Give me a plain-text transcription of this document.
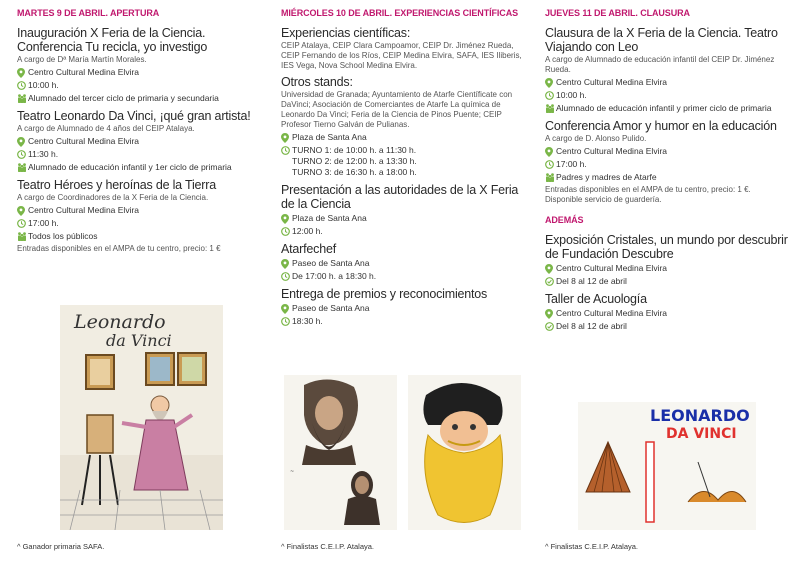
MARTES 9 DE ABRIL. APERTURA
Inauguración X Feria de la Ciencia. Conferencia Tu recicla, yo investigo
A cargo de Dª María Martín Morales.
Centro Cultural Medina Elvira
10:00 h.
Alumnado del tercer ciclo de primaria y secundaria
Teatro Leonardo Da Vinci, ¡qué gran artista!
A cargo de Alumnado de 4 años del CEIP Atalaya.
Centro Cultural Medina Elvira
11:30 h.
Alumnado de educación infantil y 1er ciclo de primaria
Teatro Héroes y heroínas de la Tierra
A cargo de Coordinadores de la X Feria de la Ciencia.
Centro Cultural Medina Elvira
17:00 h.
Todos los públicos
Entradas disponibles en el AMPA de tu centro, precio: 1 €
Leonardo
da Vinci
^ Ganador primaria SAFA.
MIÉRCOLES 10 DE ABRIL. EXPERIENCIAS CIENTÍFICAS
Experiencias científicas:
CEIP Atalaya, CEIP Clara Campoamor, CEIP Dr. Jiménez Rueda, CEIP Fernando de los Ríos, CEIP Medina Elvira, SAFA, IES Iliberis, IES Vega, Nova School Medina Elvira.
Otros stands:
Universidad de Granada; Ayuntamiento de Atarfe Científicate con DaVinci; Asociación de Comerciantes de Atarfe La química de Leonardo Da Vinci; Feria de la Ciencia de Pinos Puente; CEIP Profesor Tierno Galván de Pulianas.
Plaza de Santa Ana
TURNO 1: de 10:00 h. a 11:30 h.
TURNO 2: de 12:00 h. a 13:30 h.
TURNO 3: de 16:30 h. a 18:00 h.
Presentación a las autoridades de la X Feria de la Ciencia
Plaza de Santa Ana
12:00 h.
Atarfechef
Paseo de Santa Ana
De 17:00 h. a 18:30 h.
Entrega de premios y reconocimientos
Paseo de Santa Ana
18:30 h.
~
^ Finalistas C.E.I.P. Atalaya.
JUEVES 11 DE ABRIL. CLAUSURA
Clausura de la X Feria de la Ciencia. Teatro Viajando con Leo
A cargo de Alumnado de educación infantil del CEIP Dr. Jiménez Rueda.
Centro Cultural Medina Elvira
10:00 h.
Alumnado de educación infantil y primer ciclo de primaria
Conferencia Amor y humor en la educación
A cargo de D. Alonso Pulido.
Centro Cultural Medina Elvira
17:00 h.
Padres y madres de Atarfe
Entradas disponibles en el AMPA de tu centro, precio: 1 €. Disponible servicio de guardería.
ADEMÁS
Exposición Cristales, un mundo por descubrir de Fundación Descubre
Centro Cultural Medina Elvira
Del 8 al 12 de abril
Taller de Acuología
Centro Cultural Medina Elvira
Del 8 al 12 de abril
LEONARDO
DA VINCI
^ Finalistas C.E.I.P. Atalaya.
